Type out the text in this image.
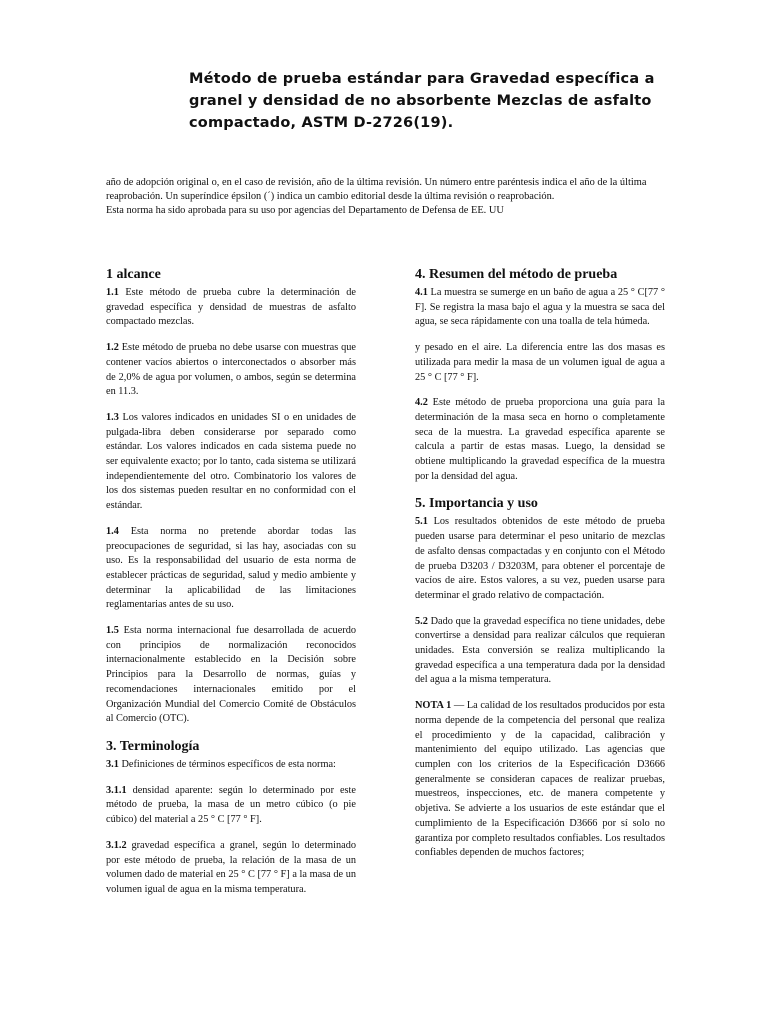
Método de prueba estándar para Gravedad específica a granel y densidad de no absorbente Mezclas de asfalto compactado, ASTM D-2726(19).

año de adopción original o, en el caso de revisión, año de la última revisión. Un número entre paréntesis indica el año de la última reaprobación. Un superíndice épsilon (´) indica un cambio editorial desde la última revisión o reaprobación.

Esta norma ha sido aprobada para su uso por agencias del Departamento de Defensa de EE. UU

1 alcance

1.1 Este método de prueba cubre la determinación de gravedad específica y densidad de muestras de asfalto compactado mezclas.

1.2 Este método de prueba no debe usarse con muestras que contener vacíos abiertos o interconectados o absorber más de 2,0% de agua por volumen, o ambos, según se determina en 11.3.

1.3 Los valores indicados en unidades SI o en unidades de pulgada-libra deben considerarse por separado como estándar. Los valores indicados en cada sistema puede no ser equivalente exacto; por lo tanto, cada sistema se utilizará independientemente del otro. Combinatorio los valores de los dos sistemas pueden resultar en no conformidad con el estándar.

1.4 Esta norma no pretende abordar todas las preocupaciones de seguridad, si las hay, asociadas con su uso. Es la responsabilidad del usuario de esta norma de establecer prácticas de seguridad, salud y medio ambiente y determinar la aplicabilidad de las limitaciones reglamentarias antes de su uso.

1.5 Esta norma internacional fue desarrollada de acuerdo con principios de normalización reconocidos internacionalmente establecido en la Decisión sobre Principios para la Desarrollo de normas, guías y recomendaciones internacionales emitido por el Organización Mundial del Comercio Comité de Obstáculos al Comercio (OTC).

3. Terminología

3.1 Definiciones de términos específicos de esta norma:

3.1.1 densidad aparente: según lo determinado por este método de prueba, la masa de un metro cúbico (o pie cúbico) del material a 25 ° C [77 ° F].

3.1.2 gravedad específica a granel, según lo determinado por este método de prueba, la relación de la masa de un volumen dado de material en 25 ° C [77 ° F] a la masa de un volumen igual de agua en la misma temperatura.

4. Resumen del método de prueba

4.1 La muestra se sumerge en un baño de agua a 25 ° C[77 ° F]. Se registra la masa bajo el agua y la muestra se saca del agua, se seca rápidamente con una toalla de tela húmeda.

y pesado en el aire. La diferencia entre las dos masas es utilizada para medir la masa de un volumen igual de agua a 25 ° C [77 ° F].

4.2 Este método de prueba proporciona una guía para la determinación de la masa seca en horno o completamente seca de la muestra. La gravedad específica aparente se calcula a partir de estas masas. Luego, la densidad se obtiene multiplicando la gravedad específica de la muestra por la densidad del agua.

5. Importancia y uso

5.1 Los resultados obtenidos de este método de prueba pueden usarse para determinar el peso unitario de mezclas de asfalto densas compactadas y en conjunto con el Método de prueba D3203 / D3203M, para obtener el porcentaje de vacíos de aire. Estos valores, a su vez, pueden usarse para determinar el grado relativo de compactación.

5.2 Dado que la gravedad específica no tiene unidades, debe convertirse a densidad para realizar cálculos que requieran unidades. Esta conversión se realiza multiplicando la gravedad específica a una temperatura dada por la densidad del agua a la misma temperatura.

NOTA 1 — La calidad de los resultados producidos por esta norma depende de la competencia del personal que realiza el procedimiento y de la capacidad, calibración y mantenimiento del equipo utilizado. Las agencias que cumplen con los criterios de la Especificación D3666 generalmente se consideran capaces de realizar pruebas, muestreos, inspecciones, etc. de manera competente y objetiva. Se advierte a los usuarios de este estándar que el cumplimiento de la Especificación D3666 por sí solo no garantiza por completo resultados confiables. Los resultados confiables dependen de muchos factores;
